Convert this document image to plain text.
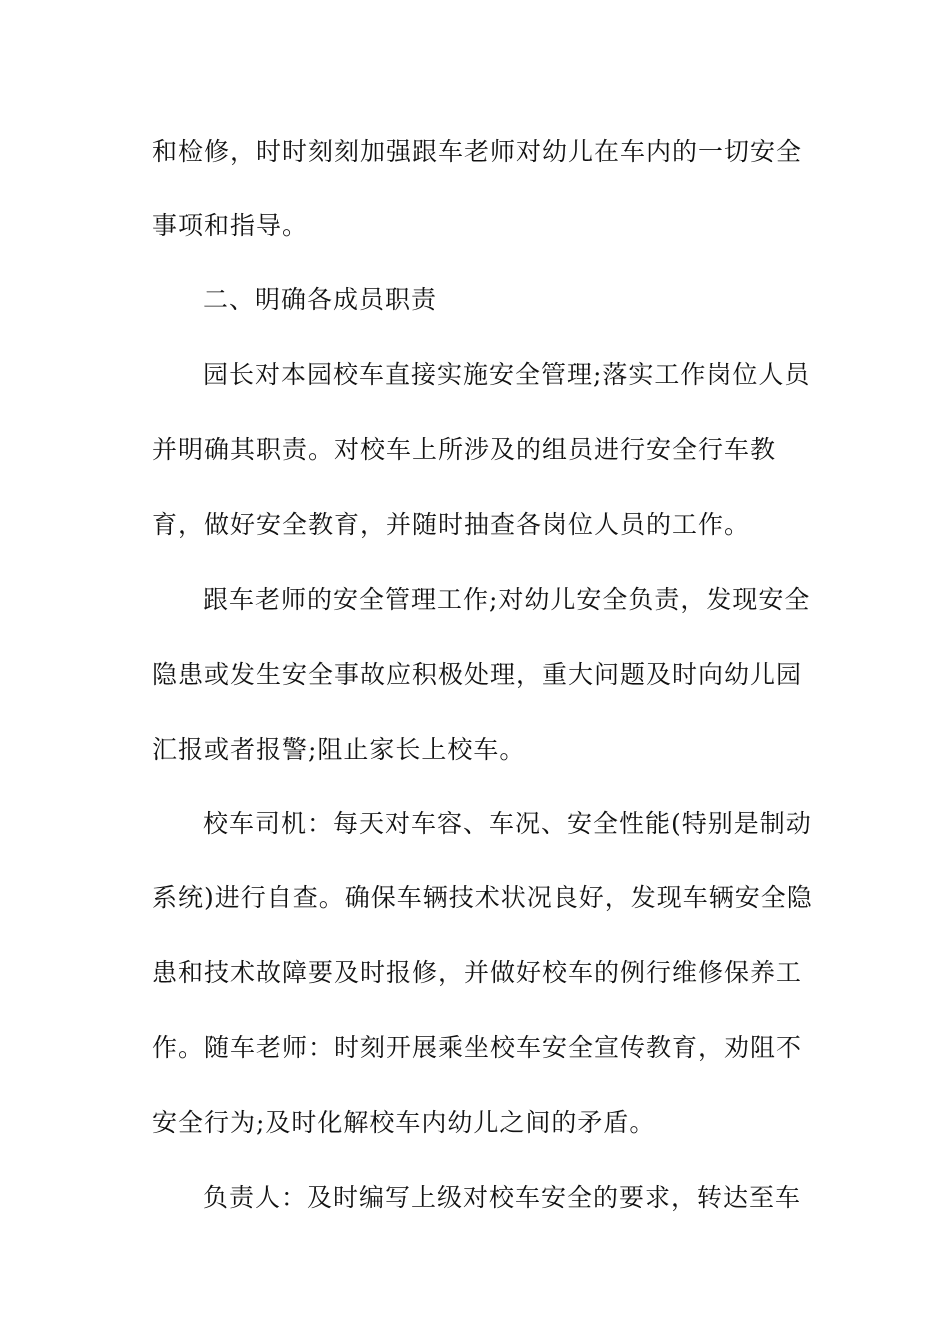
和检修，时时刻刻加强跟车老师对幼儿在车内的一切安全
事项和指导。
二、明确各成员职责
园长对本园校车直接实施安全管理;落实工作岗位人员
并明确其职责。对校车上所涉及的组员进行安全行车教
育，做好安全教育，并随时抽查各岗位人员的工作。
跟车老师的安全管理工作;对幼儿安全负责，发现安全
隐患或发生安全事故应积极处理，重大问题及时向幼儿园
汇报或者报警;阻止家长上校车。
校车司机：每天对车容、车况、安全性能(特别是制动
系统)进行自查。确保车辆技术状况良好，发现车辆安全隐
患和技术故障要及时报修，并做好校车的例行维修保养工
作。随车老师：时刻开展乘坐校车安全宣传教育，劝阻不
安全行为;及时化解校车内幼儿之间的矛盾。
负责人：及时编写上级对校车安全的要求，转达至车
